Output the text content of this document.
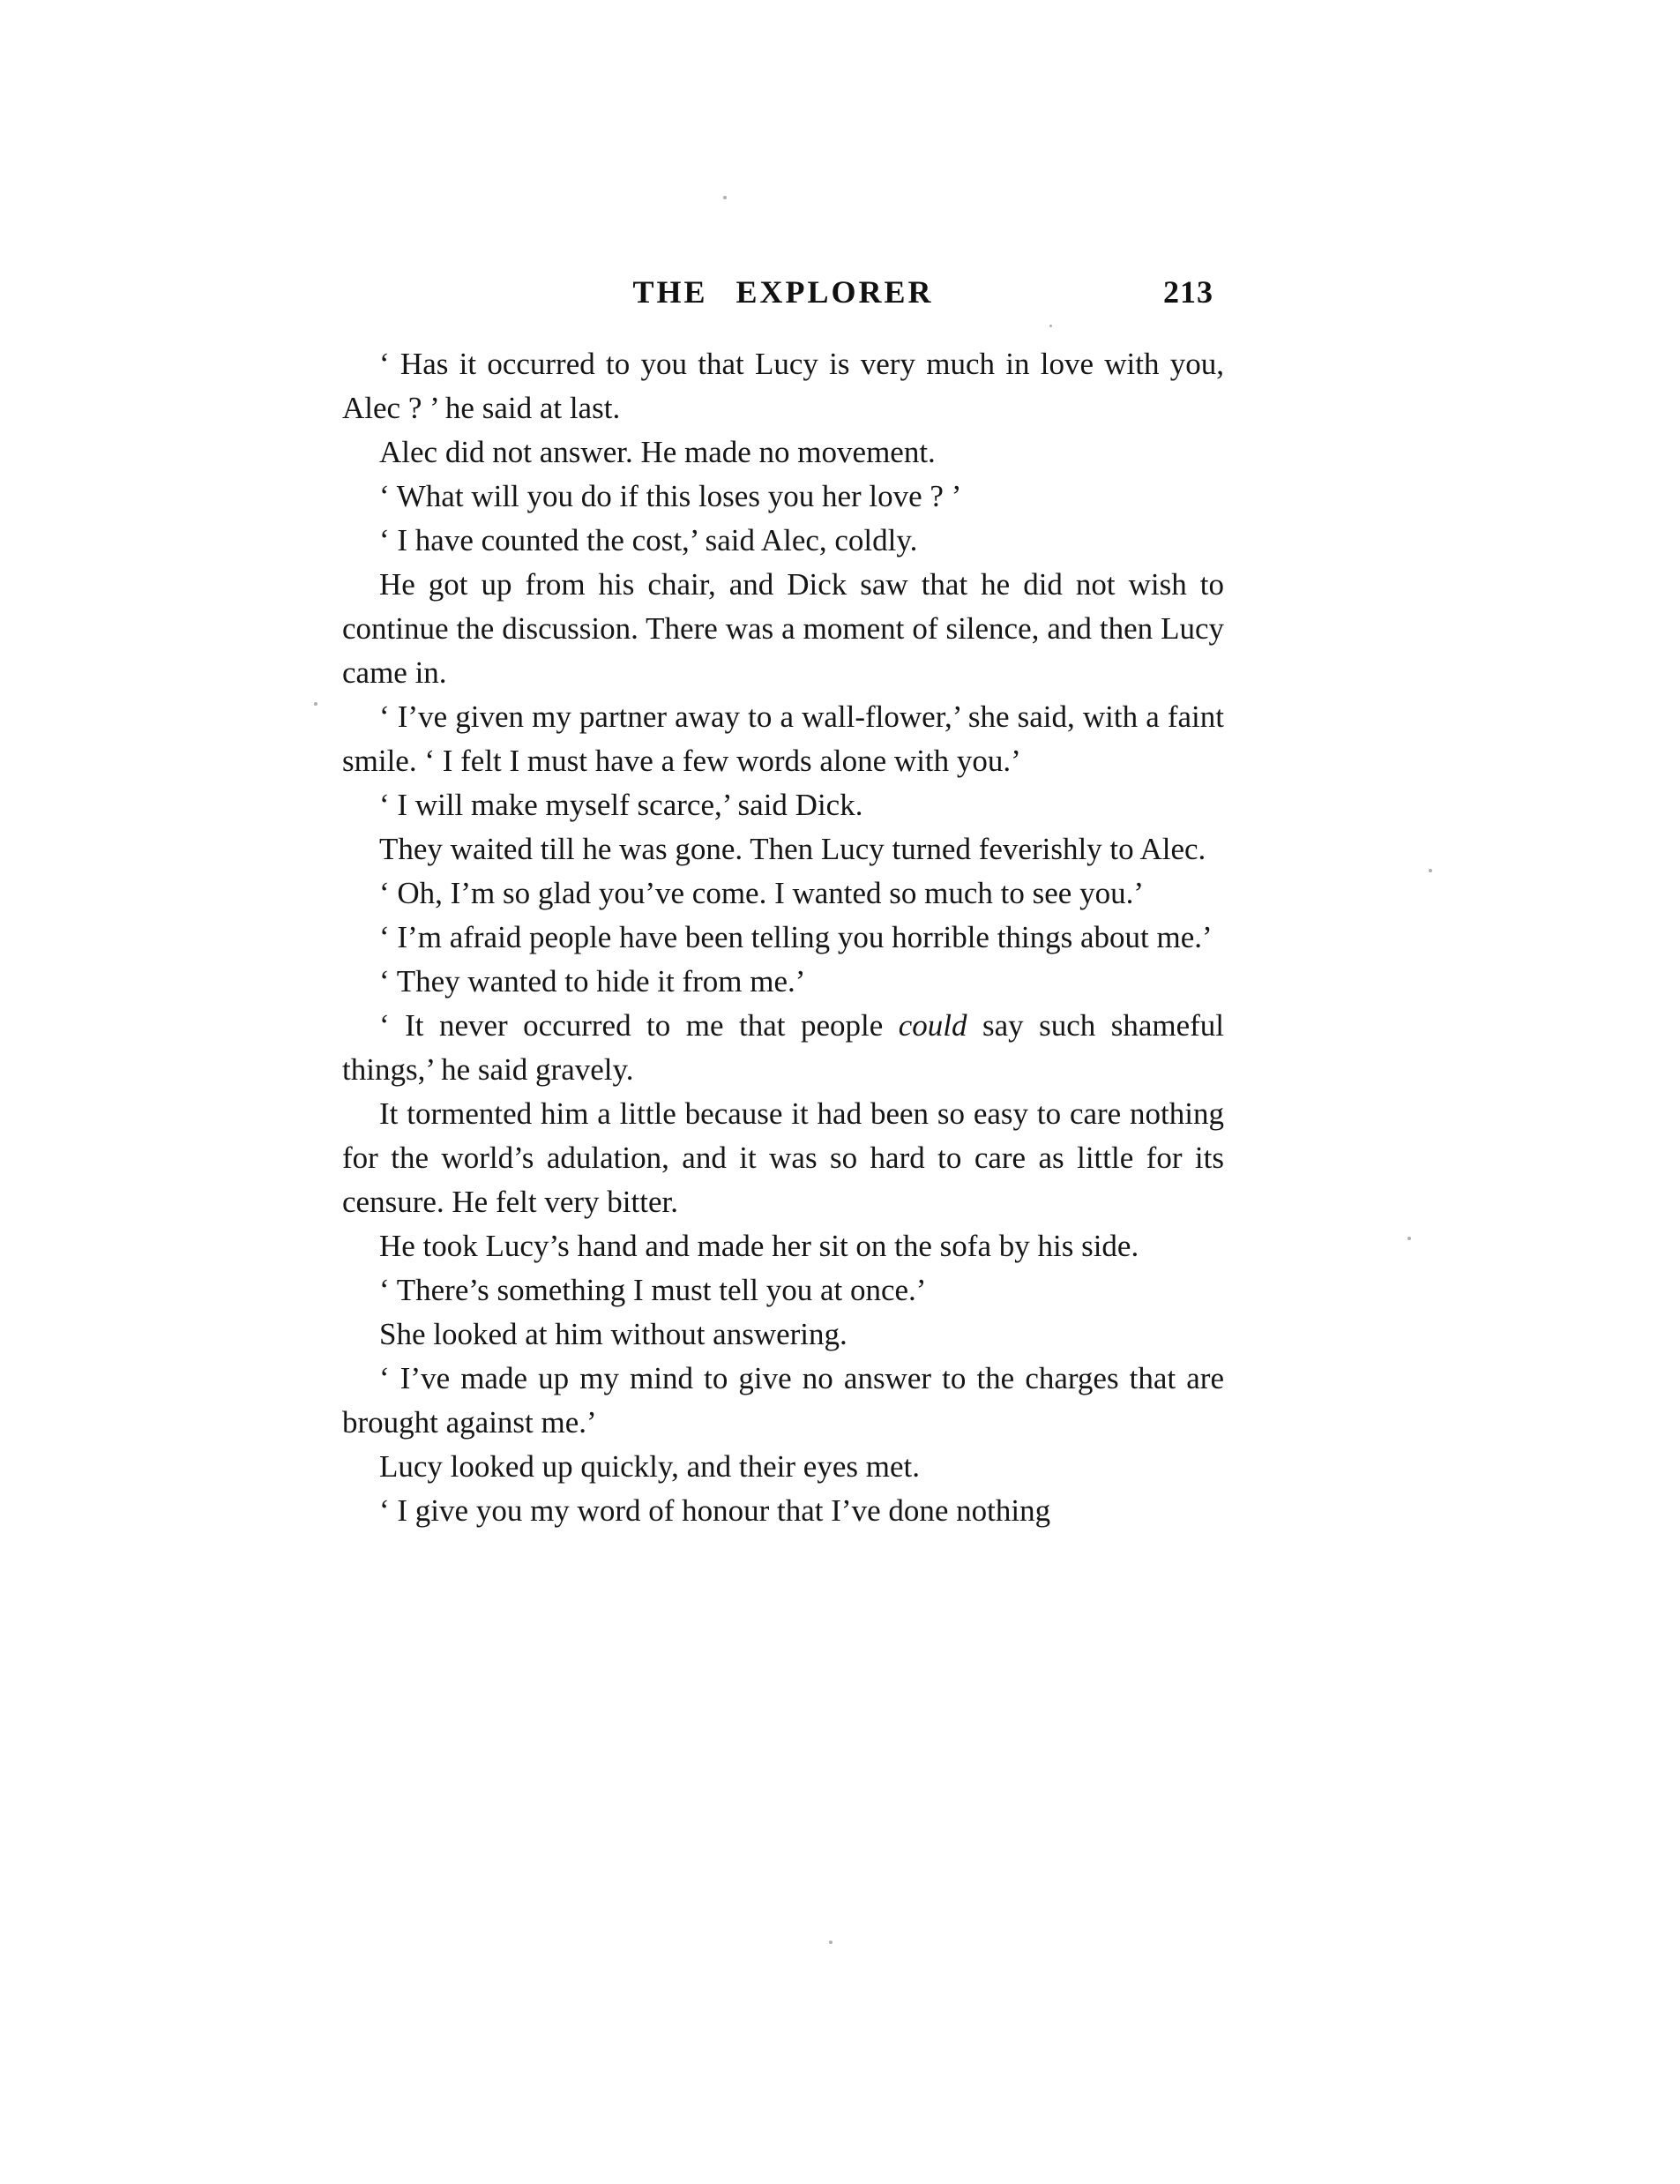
THE EXPLORER	213

‘ Has it occurred to you that Lucy is very much in love with you, Alec ? ’ he said at last.

Alec did not answer. He made no movement.

‘ What will you do if this loses you her love ? ’

‘ I have counted the cost,’ said Alec, coldly.

He got up from his chair, and Dick saw that he did not wish to continue the discussion. There was a moment of silence, and then Lucy came in.

‘ I’ve given my partner away to a wall-flower,’ she said, with a faint smile. ‘ I felt I must have a few words alone with you.’

‘ I will make myself scarce,’ said Dick.

They waited till he was gone. Then Lucy turned feverishly to Alec.

‘ Oh, I’m so glad you’ve come. I wanted so much to see you.’

‘ I’m afraid people have been telling you horrible things about me.’

‘ They wanted to hide it from me.’

‘ It never occurred to me that people could say such shameful things,’ he said gravely.

It tormented him a little because it had been so easy to care nothing for the world’s adulation, and it was so hard to care as little for its censure. He felt very bitter.

He took Lucy’s hand and made her sit on the sofa by his side.

‘ There’s something I must tell you at once.’

She looked at him without answering.

‘ I’ve made up my mind to give no answer to the charges that are brought against me.’

Lucy looked up quickly, and their eyes met.

‘ I give you my word of honour that I’ve done nothing
